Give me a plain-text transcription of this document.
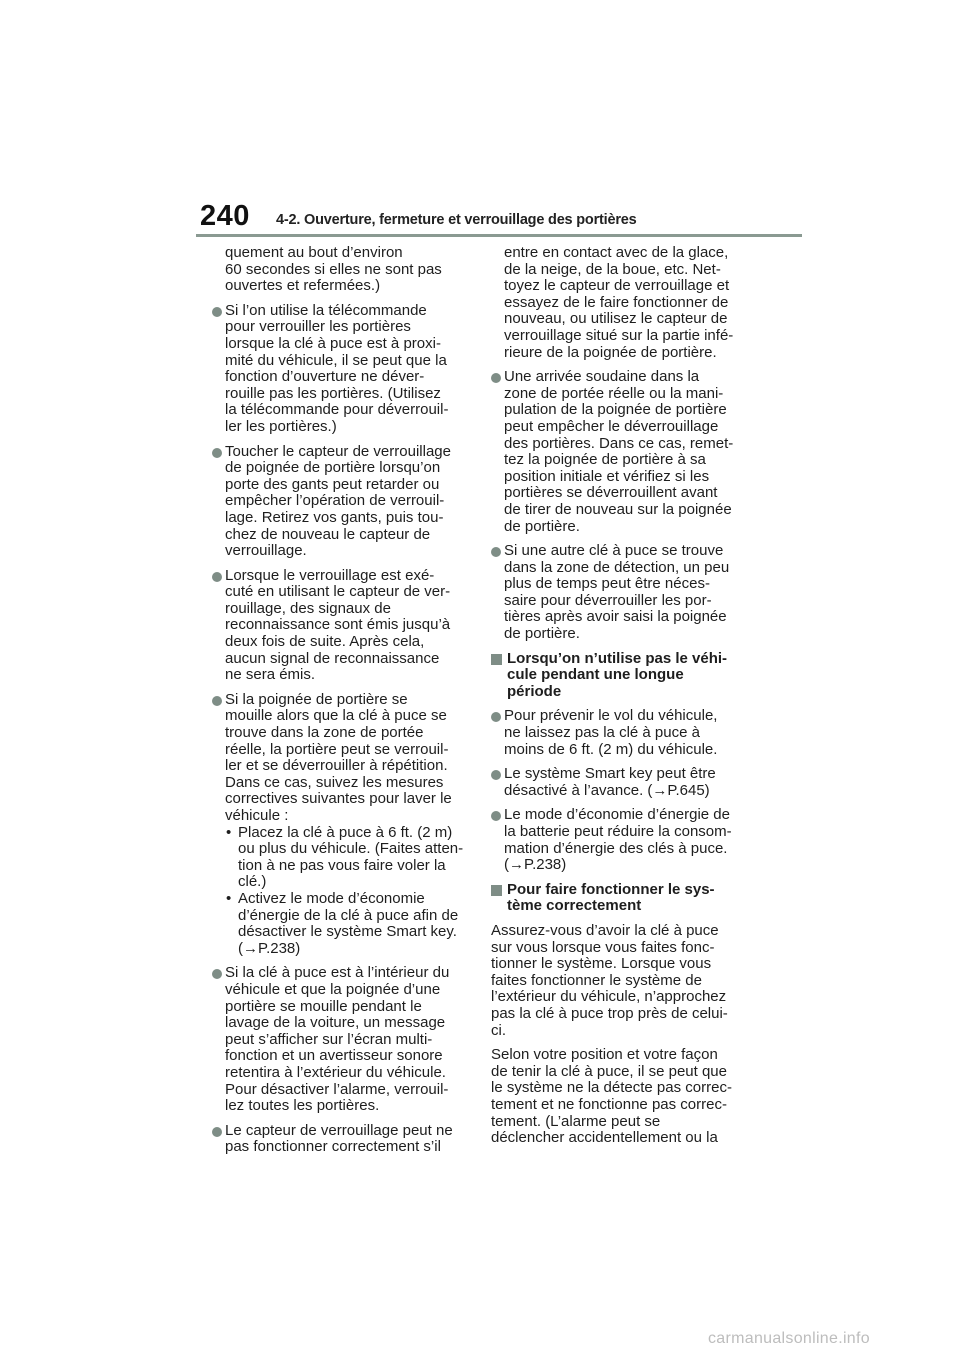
240 4-2. Ouverture, fermeture et verrouillage des portières
quement au bout d’environ
60 secondes si elles ne sont pas
ouvertes et refermées.)
Si l’on utilise la télécommande
pour verrouiller les portières
lorsque la clé à puce est à proxi-
mité du véhicule, il se peut que la
fonction d’ouverture ne déver-
rouille pas les portières. (Utilisez
la télécommande pour déverrouil-
ler les portières.)
Toucher le capteur de verrouillage
de poignée de portière lorsqu’on
porte des gants peut retarder ou
empêcher l’opération de verrouil-
lage. Retirez vos gants, puis tou-
chez de nouveau le capteur de
verrouillage.
Lorsque le verrouillage est exé-
cuté en utilisant le capteur de ver-
rouillage, des signaux de
reconnaissance sont émis jusqu’à
deux fois de suite. Après cela,
aucun signal de reconnaissance
ne sera émis.
Si la poignée de portière se
mouille alors que la clé à puce se
trouve dans la zone de portée
réelle, la portière peut se verrouil-
ler et se déverrouiller à répétition.
Dans ce cas, suivez les mesures
correctives suivantes pour laver le
véhicule :
• Placez la clé à puce à 6 ft. (2 m)
ou plus du véhicule. (Faites atten-
tion à ne pas vous faire voler la
clé.)
• Activez le mode d’économie
d’énergie de la clé à puce afin de
désactiver le système Smart key.
(→P.238)
Si la clé à puce est à l’intérieur du
véhicule et que la poignée d’une
portière se mouille pendant le
lavage de la voiture, un message
peut s’afficher sur l’écran multi-
fonction et un avertisseur sonore
retentira à l’extérieur du véhicule.
Pour désactiver l’alarme, verrouil-
lez toutes les portières.
Le capteur de verrouillage peut ne
pas fonctionner correctement s’il
entre en contact avec de la glace,
de la neige, de la boue, etc. Net-
toyez le capteur de verrouillage et
essayez de le faire fonctionner de
nouveau, ou utilisez le capteur de
verrouillage situé sur la partie infé-
rieure de la poignée de portière.
Une arrivée soudaine dans la
zone de portée réelle ou la mani-
pulation de la poignée de portière
peut empêcher le déverrouillage
des portières. Dans ce cas, remet-
tez la poignée de portière à sa
position initiale et vérifiez si les
portières se déverrouillent avant
de tirer de nouveau sur la poignée
de portière.
Si une autre clé à puce se trouve
dans la zone de détection, un peu
plus de temps peut être néces-
saire pour déverrouiller les por-
tières après avoir saisi la poignée
de portière.
Lorsqu’on n’utilise pas le véhi-
cule pendant une longue
période
Pour prévenir le vol du véhicule,
ne laissez pas la clé à puce à
moins de 6 ft. (2 m) du véhicule.
Le système Smart key peut être
désactivé à l’avance. (→P.645)
Le mode d’économie d’énergie de
la batterie peut réduire la consom-
mation d’énergie des clés à puce.
(→P.238)
Pour faire fonctionner le sys-
tème correctement
Assurez-vous d’avoir la clé à puce
sur vous lorsque vous faites fonc-
tionner le système. Lorsque vous
faites fonctionner le système de
l’extérieur du véhicule, n’approchez
pas la clé à puce trop près de celui-
ci.
Selon votre position et votre façon
de tenir la clé à puce, il se peut que
le système ne la détecte pas correc-
tement et ne fonctionne pas correc-
tement. (L’alarme peut se
déclencher accidentellement ou la
carmanualsonline.info
